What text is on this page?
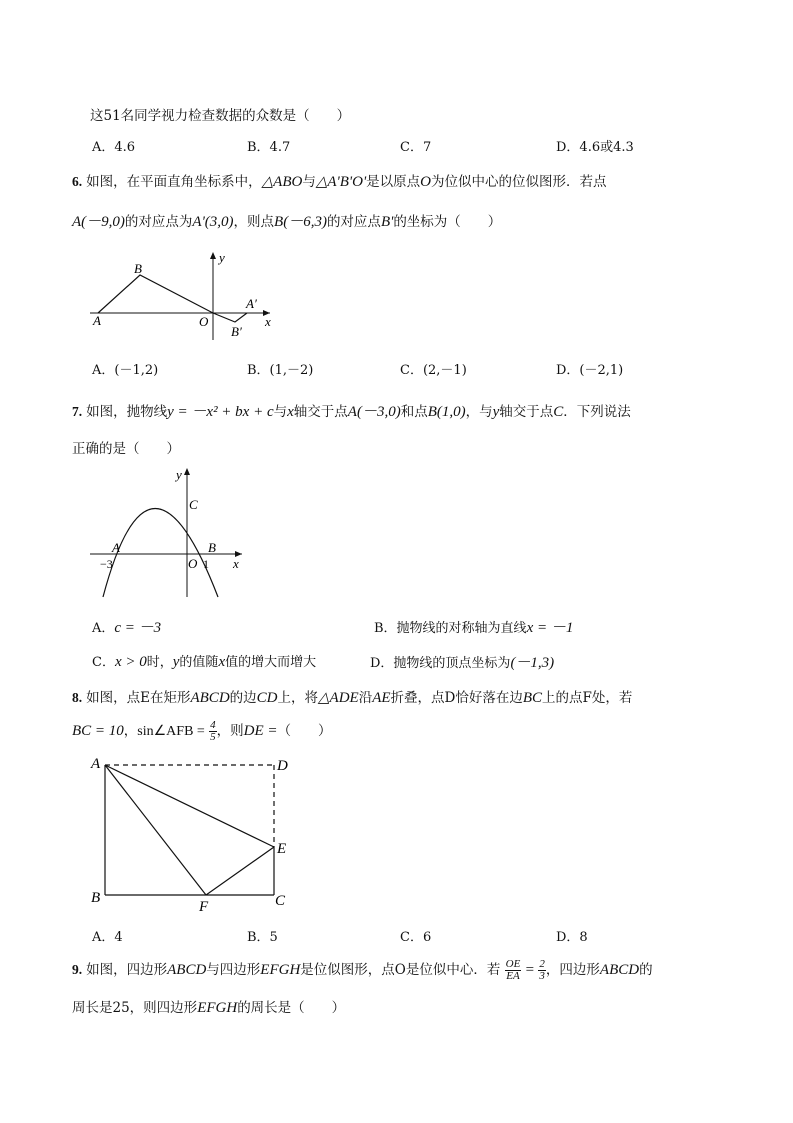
这51名同学视力检查数据的众数是（　　）
A．4.6	B．4.7	C．7	D．4.6或4.3
6. 如图，在平面直角坐标系中，△ABO与△A'B'O'是以原点O为位似中心的位似图形．若点
A(－9,0)的对应点为A'(3,0)，则点B(－6,3)的对应点B'的坐标为（　　）
A
B
O
A′
B′
x
y
A．(－1,2)	B．(1,－2)	C．(2,－1)	D．(－2,1)
7. 如图，抛物线y = －x² + bx + c与x轴交于点A(－3,0)和点B(1,0)，与y轴交于点C．下列说法
正确的是（　　）
y
C
A	B
−3	O 1 x
A．c = －3	B．抛物线的对称轴为直线x = －1
C．x > 0时，y的值随x值的增大而增大	D．抛物线的顶点坐标为(－1,3)
8. 如图，点E在矩形ABCD的边CD上，将△ADE沿AE折叠，点D恰好落在边BC上的点F处，若
BC = 10，sin∠AFB = $\frac{4}{5}$ ，则DE =（　　）
A	D
E
B
F	C
A．4	B．5	C．6	D．8
9. 如图，四边形ABCD与四边形EFGH是位似图形，点O是位似中心．若 $\frac{OE}{EA} = \frac{2}{3}$ ，四边形ABCD的
周长是25，则四边形EFGH的周长是（　　）
